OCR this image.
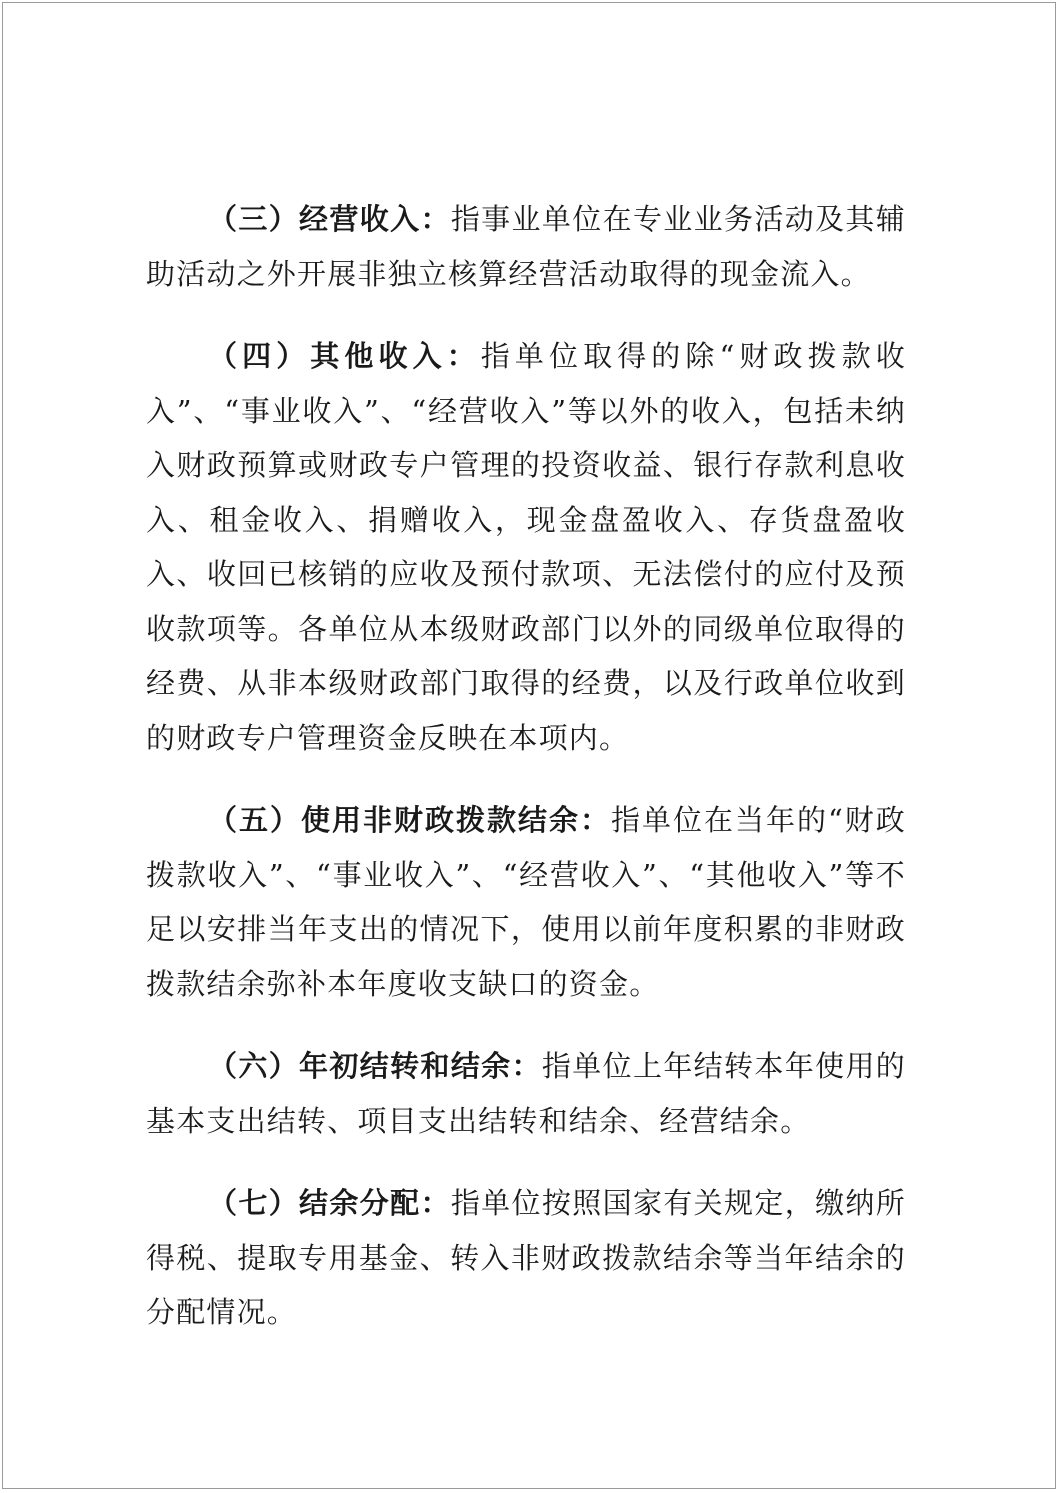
（三）经营收入：指事业单位在专业业务活动及其辅助活动之外开展非独立核算经营活动取得的现金流入。

（四）其他收入：指单位取得的除“财政拨款收入”、“事业收入”、“经营收入”等以外的收入，包括未纳入财政预算或财政专户管理的投资收益、银行存款利息收入、租金收入、捐赠收入，现金盘盈收入、存货盘盈收入、收回已核销的应收及预付款项、无法偿付的应付及预收款项等。各单位从本级财政部门以外的同级单位取得的经费、从非本级财政部门取得的经费，以及行政单位收到的财政专户管理资金反映在本项内。

（五）使用非财政拨款结余：指单位在当年的“财政拨款收入”、“事业收入”、“经营收入”、“其他收入”等不足以安排当年支出的情况下，使用以前年度积累的非财政拨款结余弥补本年度收支缺口的资金。

（六）年初结转和结余：指单位上年结转本年使用的基本支出结转、项目支出结转和结余、经营结余。

（七）结余分配：指单位按照国家有关规定，缴纳所得税、提取专用基金、转入非财政拨款结余等当年结余的分配情况。
